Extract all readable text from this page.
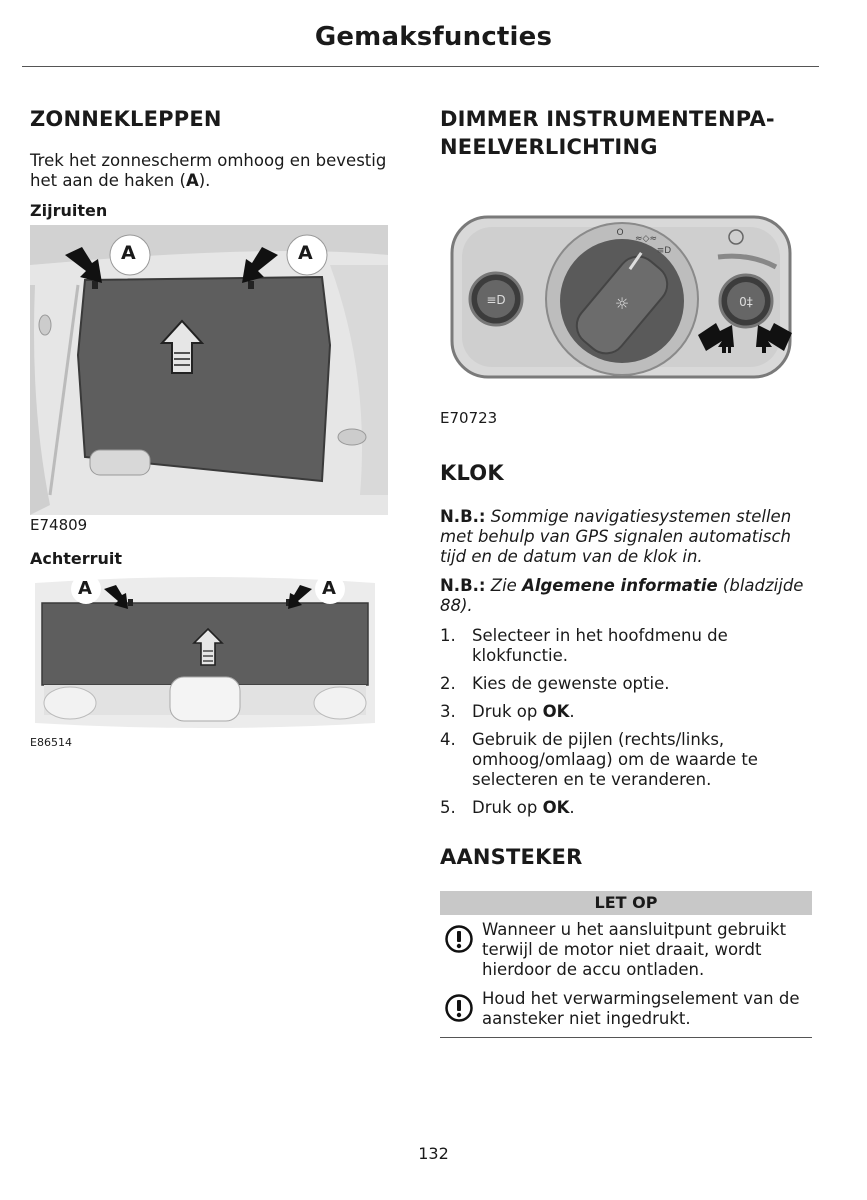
Gemaksfuncties
ZONNEKLEPPEN

Trek het zonnescherm omhoog en bevestig het aan de haken (A).

Zijruiten

A	A

E74809

Achterruit

A	A

E86514

DIMMER INSTRUMENTENPA-
NEELVERLICHTING
≡D	0‡
☼
O
≈◇≈
≡D

E70723

KLOK

N.B.: Sommige navigatiesystemen stellen met behulp van GPS signalen automatisch tijd en de datum van de klok in.

N.B.: Zie Algemene informatie (bladzijde 88).

1. Selecteer in het hoofdmenu de klokfunctie.
2. Kies de gewenste optie.
3. Druk op OK.
4. Gebruik de pijlen (rechts/links, omhoog/omlaag) om de waarde te selecteren en te veranderen.
5. Druk op OK.
AANSTEKER
LET OP
Wanneer u het aansluitpunt gebruikt terwijl de motor niet draait, wordt hierdoor de accu ontladen.
Houd het verwarmingselement van de aansteker niet ingedrukt.
132
